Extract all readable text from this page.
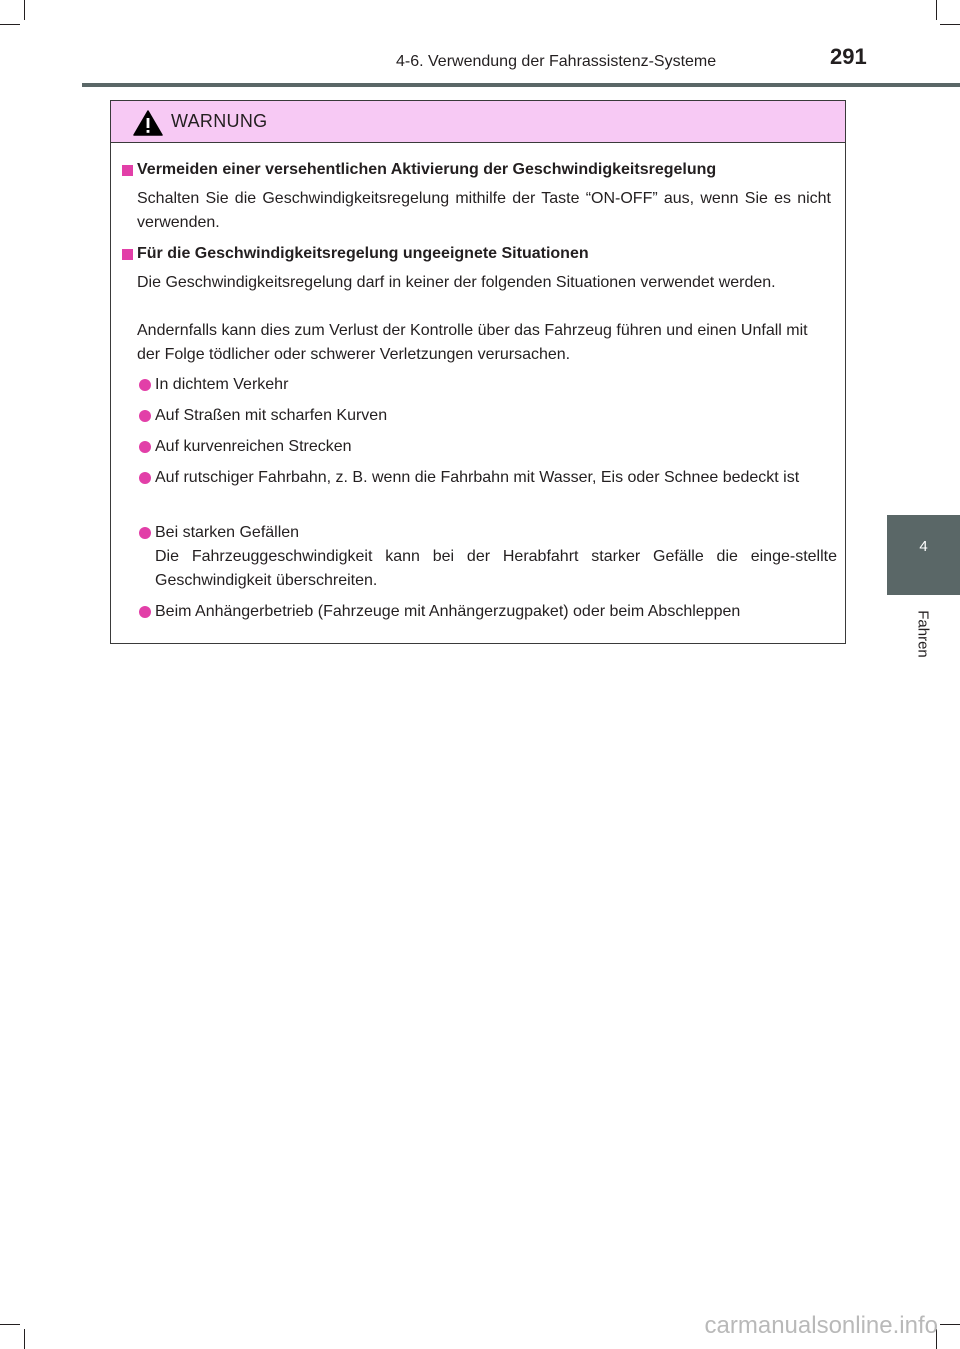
4-6. Verwendung der Fahrassistenz-Systeme	291
4
Fahren
WARNUNG
Vermeiden einer versehentlichen Aktivierung der Geschwindigkeitsregelung
Schalten Sie die Geschwindigkeitsregelung mithilfe der Taste “ON-OFF” aus, wenn Sie es nicht verwenden.
Für die Geschwindigkeitsregelung ungeeignete Situationen
Die Geschwindigkeitsregelung darf in keiner der folgenden Situationen verwendet werden.
Andernfalls kann dies zum Verlust der Kontrolle über das Fahrzeug führen und einen Unfall mit der Folge tödlicher oder schwerer Verletzungen verursachen.
In dichtem Verkehr
Auf Straßen mit scharfen Kurven
Auf kurvenreichen Strecken
Auf rutschiger Fahrbahn, z. B. wenn die Fahrbahn mit Wasser, Eis oder Schnee bedeckt ist
Bei starken Gefällen
Die Fahrzeuggeschwindigkeit kann bei der Herabfahrt starker Gefälle die einge-stellte Geschwindigkeit überschreiten.
Beim Anhängerbetrieb (Fahrzeuge mit Anhängerzugpaket) oder beim Abschleppen
carmanualsonline.info
